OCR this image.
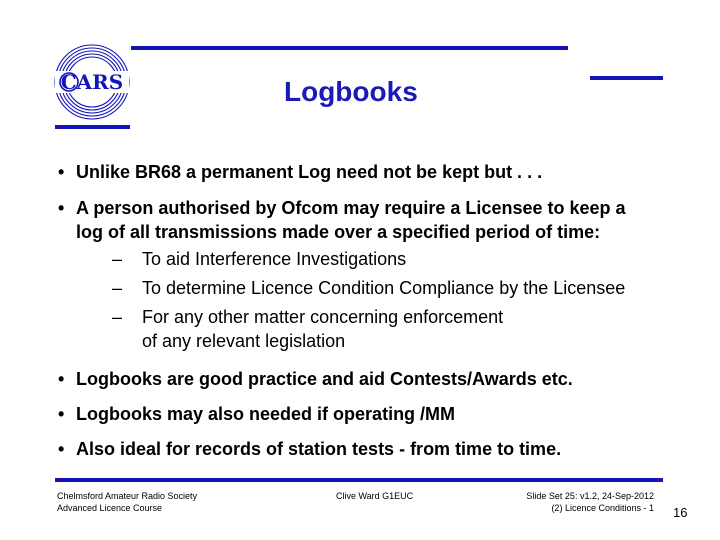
CARS	Logbooks
• Unlike BR68 a permanent Log need not be kept but . . .
• A person authorised by Ofcom may require a Licensee to keep a
log of all transmissions made over a specified period of time:
–	To aid Interference Investigations
–	To determine Licence Condition Compliance by the Licensee
–	For any other matter concerning enforcement
of any relevant legislation
• Logbooks are good practice and aid Contests/Awards etc.
• Logbooks may also needed if operating /MM
• Also ideal for records of station tests - from time to time.
Chelmsford Amateur Radio Society
Advanced Licence Course
Clive Ward G1EUC	Slide Set 25: v1.2, 24-Sep-2012
(2) Licence Conditions - 1 16
